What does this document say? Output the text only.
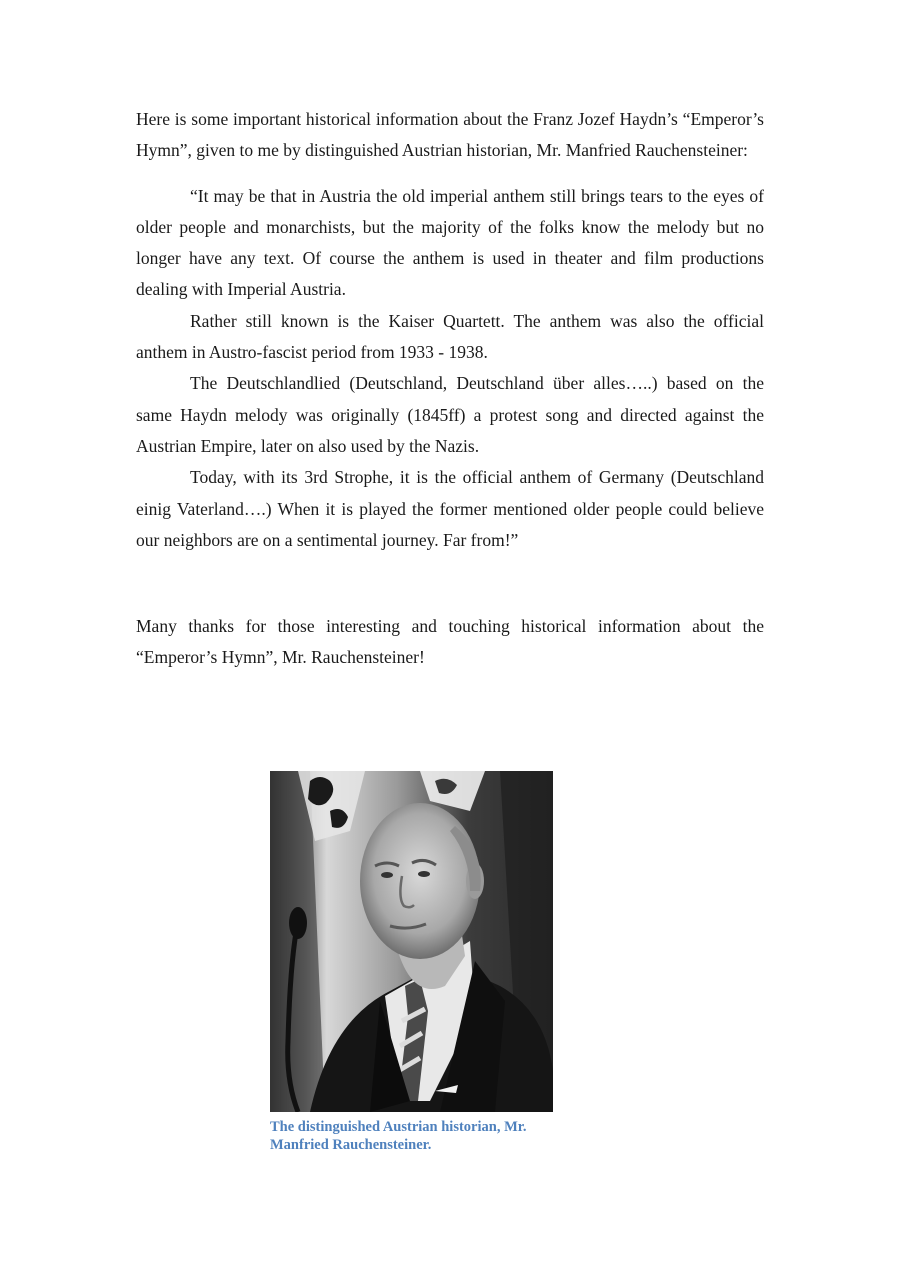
Here is some important historical information about the Franz Jozef Haydn’s “Emperor’s Hymn”, given to me by distinguished Austrian historian, Mr. Manfried Rauchensteiner:

“It may be that in Austria the old imperial anthem still brings tears to the eyes of older people and monarchists, but the majority of the folks know the melody but no longer have any text. Of course the anthem is used in theater and film productions dealing with Imperial Austria.

Rather still known is the Kaiser Quartett. The anthem was also the official anthem in Austro-fascist period from 1933 - 1938.

The Deutschlandlied (Deutschland, Deutschland über alles…..) based on the same Haydn melody was originally (1845ff) a protest song and directed against the Austrian Empire, later on also used by the Nazis.

Today, with its 3rd Strophe, it is the official anthem of Germany (Deutschland einig Vaterland….) When it is played the former mentioned older people could believe our neighbors are on a sentimental journey. Far from!”

Many thanks for those interesting and touching historical information about the “Emperor’s Hymn”, Mr. Rauchensteiner!

The distinguished Austrian historian, Mr. Manfried Rauchensteiner.
